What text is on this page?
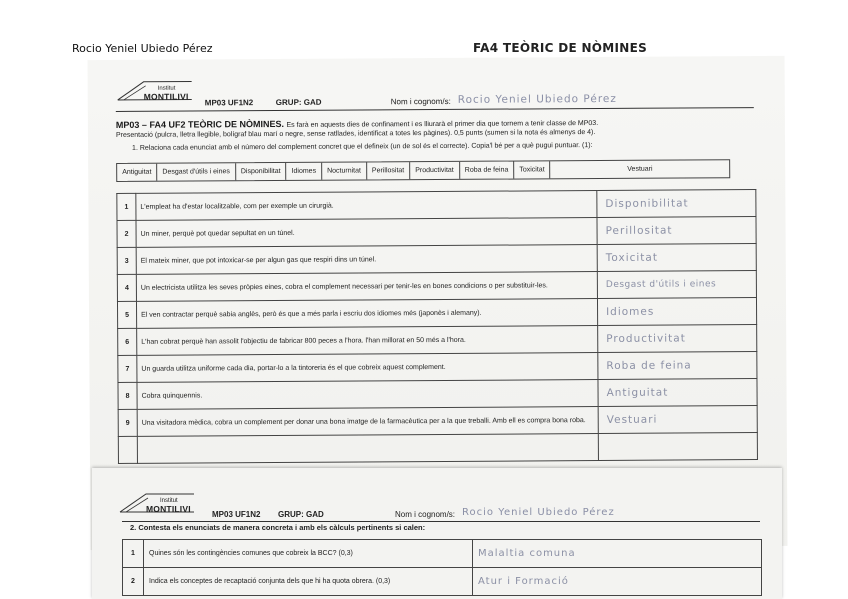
Rocio Yeniel Ubiedo Pérez	FA4 TEÒRIC DE NÒMINES
Institut
MONTILIVI
MP03 UF1N2	GRUP: GAD	Nom i cognom/s: Rocio Yeniel Ubiedo Pérez
MP03 – FA4 UF2 TEÒRIC DE NÒMINES. Es farà en aquests dies de confinament i es lliurarà el primer dia que tornem a tenir classe de MP03.
Presentació (pulcra, lletra llegible, bolígraf blau marí o negre, sense ratllades, identificat a totes les pàgines). 0,5 punts (sumen si la nota és almenys de 4).
1. Relaciona cada enunciat amb el número del complement concret que el defineix (un de sol és el correcte). Copia'l bé per a què pugui puntuar. (1):
Antiguitat	Desgast d'útils i eines	Disponibilitat	Idiomes	Nocturnitat	Perillositat	Productivitat	Roba de feina	Toxicitat	Vestuari
1	L'empleat ha d'estar localitzable, com per exemple un cirurgià.	Disponibilitat
2	Un miner, perquè pot quedar sepultat en un túnel.	Perillositat
3	El mateix miner, que pot intoxicar-se per algun gas que respiri dins un túnel.	Toxicitat
4	Un electricista utilitza les seves pròpies eines, cobra el complement necessari per tenir-les en bones condicions o per substituir-les.	Desgast d'útils i eines
5	El ven contractar perquè sabia anglès, però és que a més parla i escriu dos idiomes més (japonès i alemany).	Idiomes
6	L'han cobrat perquè han assolit l'objectiu de fabricar 800 peces a l'hora. l'han millorat en 50 més a l'hora.	Productivitat
7	Un guarda utilitza uniforme cada dia, portar-lo a la tintoreria és el que cobreix aquest complement.	Roba de feina
8	Cobra quinquennis.	Antiguitat
9	Una visitadora mèdica, cobra un complement per donar una bona imatge de la farmacèutica per a la que treballi. Amb ell es compra bona roba.	Vestuari

Institut
MONTILIVI
MP03 UF1N2 GRUP: GAD	Nom i cognom/s: Rocio Yeniel Ubiedo Pérez
2. Contesta els enunciats de manera concreta i amb els càlculs pertinents si calen:
1	Quines són les contingències comunes que cobreix la BCC? (0,3)	Malaltia comuna
2	Indica els conceptes de recaptació conjunta dels que hi ha quota obrera. (0,3)	Atur i Formació
